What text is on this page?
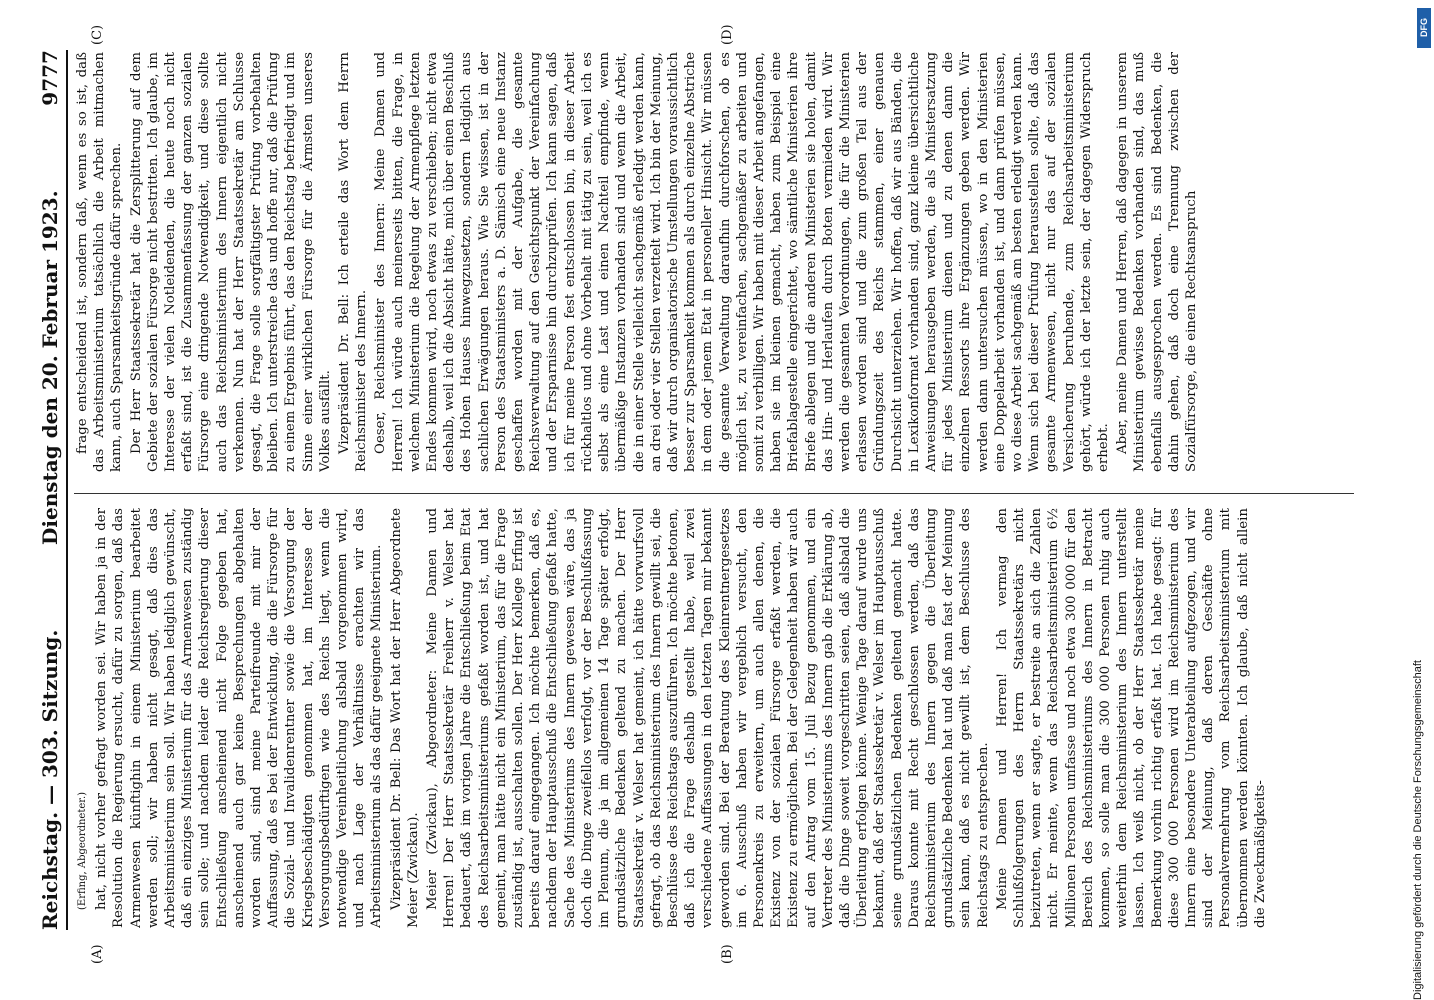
Reichstag. — 303. Sitzung.
Dienstag den 20. Februar 1923.
9777

(Erfing, Abgeordneter.) hat, nicht vorher gefragt worden sei. Wir haben ja in der Resolution die Regierung ersucht, dafür zu sorgen, daß das Armenwesen künftighin in einem Ministerium bearbeitet werden soll; wir haben nicht gesagt, daß dies das Arbeitsministerium sein soll. Wir haben lediglich gewünscht, daß ein einziges Ministerium für das Armenwesen zuständig sein solle; und nachdem leider die Reichsregierung dieser Entschließung anscheinend nicht Folge gegeben hat, anscheinend auch gar keine Besprechungen abgehalten worden sind, sind meine Parteifreunde mit mir der Auffassung, daß es bei der Entwicklung, die die Fürsorge für die Sozial- und Invalidenrentner sowie die Versorgung der Kriegsbeschädigten genommen hat, im Interesse der Versorgungsbedürftigen wie des Reichs liegt, wenn die notwendige Vereinheitlichung alsbald vorgenommen wird, und nach Lage der Verhältnisse erachten wir das Arbeitsministerium als das dafür geeignete Ministerium. Vizepräsident Dr. Bell: Das Wort hat der Herr Abgeordnete Meier (Zwickau). Meier (Zwickau), Abgeordneter: Meine Damen und Herren! Der Herr Staatssekretär Freiherr v. Welser hat bedauert, daß im vorigen Jahre die Entschließung beim Etat des Reichsarbeitsministeriums gefaßt worden ist, und hat gemeint, man hätte nicht ein Ministerium, das für die Frage zuständig ist, ausschalten sollen. Der Herr Kollege Erfing ist bereits darauf eingegangen. Ich möchte bemerken, daß es, nachdem der Hauptausschuß die Entschließung gefaßt hatte, Sache des Ministeriums des Innern gewesen wäre, das ja doch die Dinge zweifellos verfolgt, vor der Beschlußfassung im Plenum, die ja im allgemeinen 14 Tage später erfolgt, grundsätzliche Bedenken geltend zu machen. Der Herr Staatssekretär v. Welser hat gemeint, ich hätte vorwurfsvoll gefragt, ob das Reichsministerium des Innern gewillt sei, die Beschlüsse des Reichstags auszuführen. Ich möchte betonen, daß ich die Frage deshalb gestellt habe, weil zwei verschiedene Auffassungen in den letzten Tagen mir bekannt geworden sind. Bei der Beratung des Kleinrentnergesetzes im 6. Ausschuß haben wir vergeblich versucht, den Personenkreis zu erweitern, um auch allen denen, die Existenz von der sozialen Fürsorge erfaßt werden, die Existenz zu ermöglichen. Bei der Gelegenheit haben wir auch auf den Antrag vom 15. Juli Bezug genommen, und ein Vertreter des Ministeriums des Innern gab die Erklärung ab, daß die Dinge soweit vorgeschritten seien, daß alsbald die Überleitung erfolgen könne. Wenige Tage darauf wurde uns bekannt, daß der Staatssekretär v. Welser im Hauptausschuß seine grundsätzlichen Bedenken geltend gemacht hatte. Daraus konnte mit Recht geschlossen werden, daß das Reichsministerium des Innern gegen die Überleitung grundsätzliche Bedenken hat und daß man fast der Meinung sein kann, daß es nicht gewillt ist, dem Beschlusse des Reichstags zu entsprechen. Meine Damen und Herren! Ich vermag den Schlußfolgerungen des Herrn Staatssekretärs nicht beizutreten, wenn er sagte, er bestreite an sich die Zahlen nicht. Er meinte, wenn das Reichsarbeitsministerium 6½ Millionen Personen umfasse und noch etwa 300 000 für den Bereich des Reichsministeriums des Innern in Betracht kommen, so solle man die 300 000 Personen ruhig auch weiterhin dem Reichsministerium des Innern unterstellt lassen. Ich weiß nicht, ob der Herr Staatssekretär meine Bemerkung vorhin richtig erfaßt hat. Ich habe gesagt: für diese 300 000 Personen wird im Reichsministerium des Innern eine besondere Unterabteilung aufgezogen, und wir sind der Meinung, daß deren Geschäfte ohne Personalvermehrung vom Reichsarbeitsministerium mit übernommen werden könnten. Ich glaube, daß nicht allein die Zweckmäßigkeits-

frage entscheidend ist, sondern daß, wenn es so ist, daß das Arbeitsministerium tatsächlich die Arbeit mitmachen kann, auch Sparsamkeitsgründe dafür sprechen. Der Herr Staatssekretär hat die Zersplitterung auf dem Gebiete der sozialen Fürsorge nicht bestritten. Ich glaube, im Interesse der vielen Notleidenden, die heute noch nicht erfaßt sind, ist die Zusammenfassung der ganzen sozialen Fürsorge eine dringende Notwendigkeit, und diese sollte auch das Reichsministerium des Innern eigentlich nicht verkennen. Nun hat der Herr Staatssekretär am Schlusse gesagt, die Frage solle sorgfältigster Prüfung vorbehalten bleiben. Ich unterstreiche das und hoffe nur, daß die Prüfung zu einem Ergebnis führt, das den Reichstag befriedigt und im Sinne einer wirklichen Fürsorge für die Ärmsten unseres Volkes ausfällt. Vizepräsident Dr. Bell: Ich erteile das Wort dem Herrn Reichsminister des Innern. Oeser, Reichsminister des Innern: Meine Damen und Herren! Ich würde auch meinerseits bitten, die Frage, in welchem Ministerium die Regelung der Armenpflege letzten Endes kommen wird, noch etwas zu verschieben; nicht etwa deshalb, weil ich die Absicht hätte, mich über einen Beschluß des Hohen Hauses hinwegzusetzen, sondern lediglich aus sachlichen Erwägungen heraus. Wie Sie wissen, ist in der Person des Staatsministers a. D. Sämisch eine neue Instanz geschaffen worden mit der Aufgabe, die gesamte Reichsverwaltung auf den Gesichtspunkt der Vereinfachung und der Ersparnisse hin durchzuprüfen. Ich kann sagen, daß ich für meine Person fest entschlossen bin, in dieser Arbeit rückhaltlos und ohne Vorbehalt mit tätig zu sein, weil ich es selbst als eine Last und einen Nachteil empfinde, wenn übermäßige Instanzen vorhanden sind und wenn die Arbeit, die in einer Stelle vielleicht sachgemäß erledigt werden kann, an drei oder vier Stellen verzettelt wird. Ich bin der Meinung, daß wir durch organisatorische Umstellungen voraussichtlich besser zur Sparsamkeit kommen als durch einzelne Abstriche in dem oder jenem Etat in personeller Hinsicht. Wir müssen die gesamte Verwaltung daraufhin durchforschen, ob es möglich ist, zu vereinfachen, sachgemäßer zu arbeiten und somit zu verbilligen. Wir haben mit dieser Arbeit angefangen, haben sie im kleinen gemacht, haben zum Beispiel eine Briefablagestelle eingerichtet, wo sämtliche Ministerien ihre Briefe ablegen und die anderen Ministerien sie holen, damit das Hin- und Herlaufen durch Boten vermieden wird. Wir werden die gesamten Verordnungen, die für die Ministerien erlassen worden sind und die zum großen Teil aus der Gründungszeit des Reichs stammen, einer genauen Durchsicht unterziehen. Wir hoffen, daß wir aus Bänden, die in Lexikonformat vorhanden sind, ganz kleine übersichtliche Anweisungen herausgeben werden, die als Ministersatzung für jedes Ministerium dienen und zu denen dann die einzelnen Ressorts ihre Ergänzungen geben werden. Wir werden dann untersuchen müssen, wo in den Ministerien eine Doppelarbeit vorhanden ist, und dann prüfen müssen, wo diese Arbeit sachgemäß am besten erledigt werden kann. Wenn sich bei dieser Prüfung herausstellen sollte, daß das gesamte Armenwesen, nicht nur das auf der sozialen Versicherung beruhende, zum Reichsarbeitsministerium gehört, würde ich der letzte sein, der dagegen Widerspruch erhebt. Aber, meine Damen und Herren, daß dagegen in unserem Ministerium gewisse Bedenken vorhanden sind, das muß ebenfalls ausgesprochen werden. Es sind Bedenken, die dahin gehen, daß doch eine Trennung zwischen der Sozialfürsorge, die einen Rechtsanspruch

(A)	(B)
(C)	(D)	DFG
Digitalisierung gefördert durch die Deutsche Forschungsgemeinschaft
